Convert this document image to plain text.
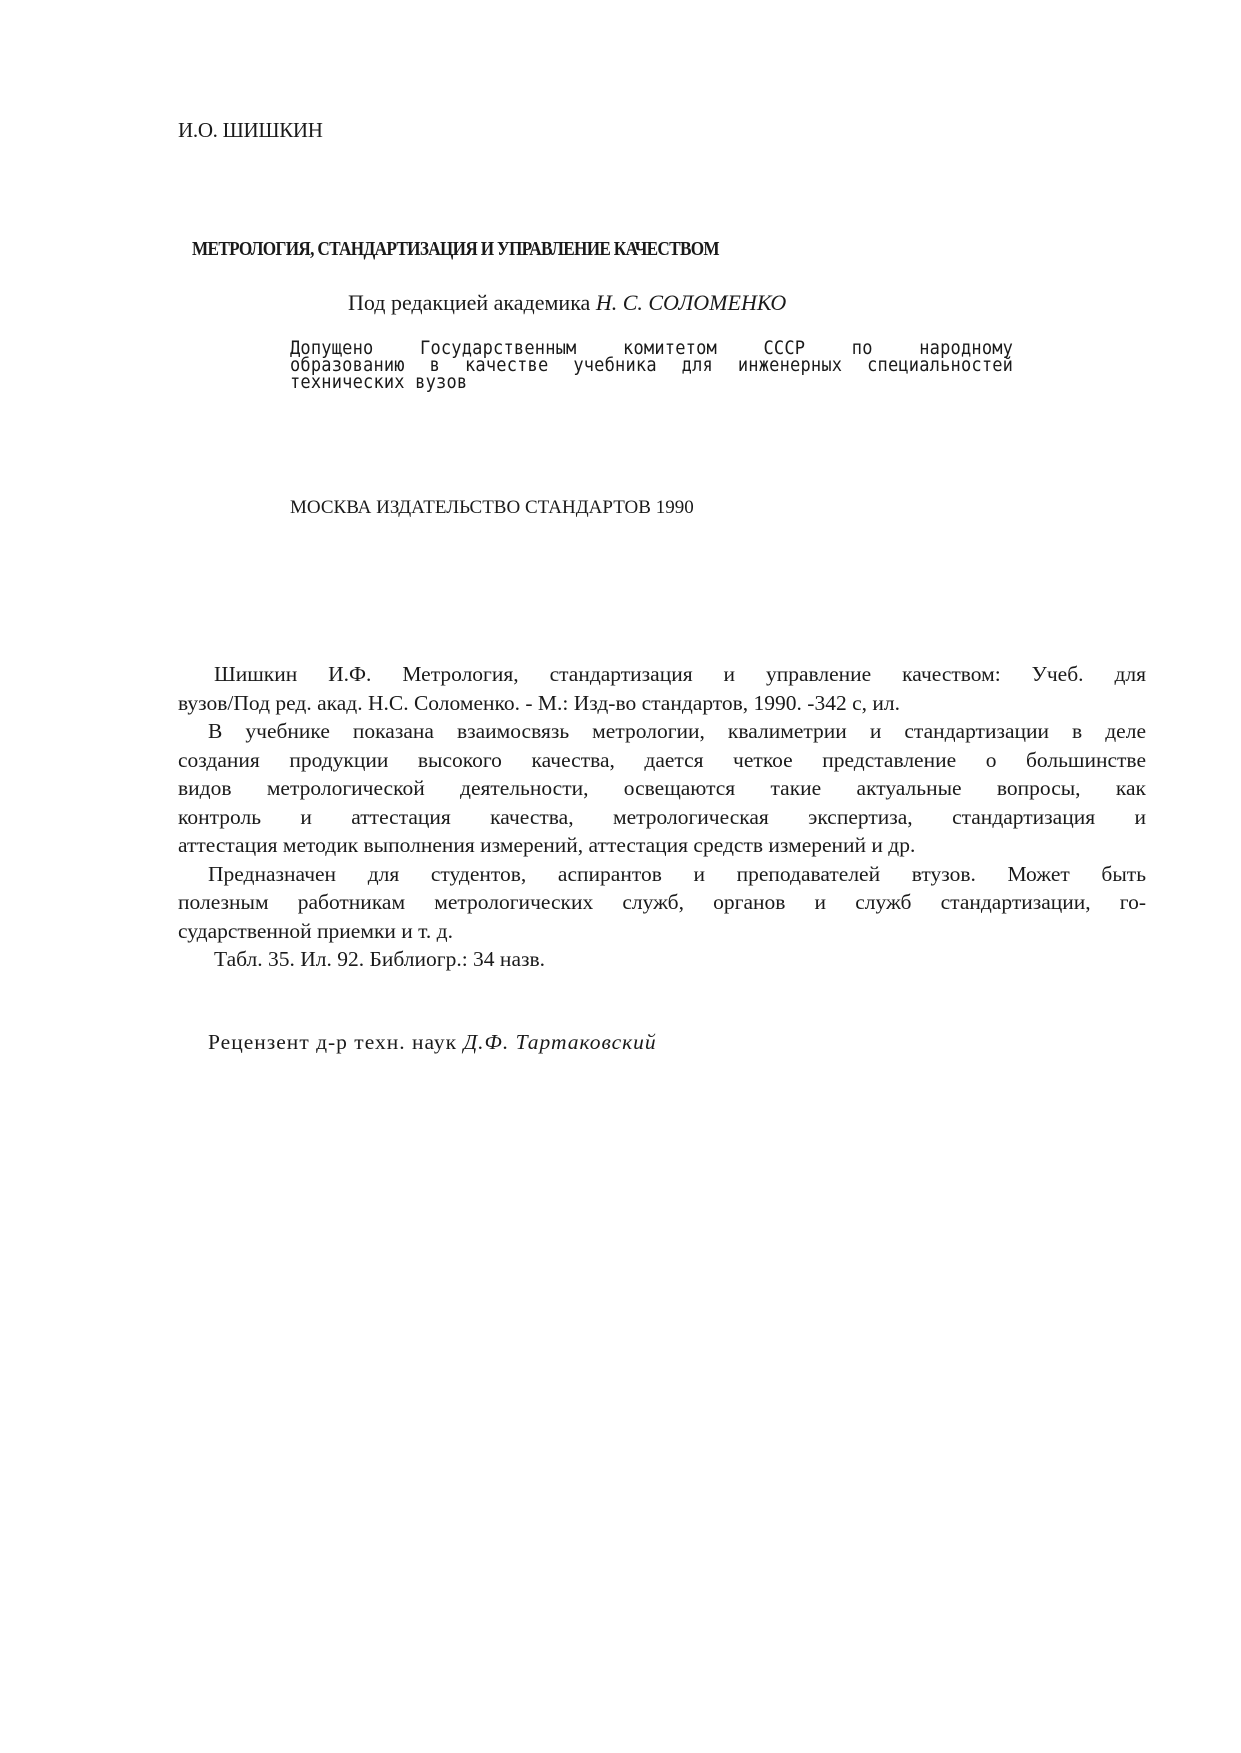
И.О. ШИШКИН
МЕТРОЛОГИЯ, СТАНДАРТИЗАЦИЯ И УПРАВЛЕНИЕ КАЧЕСТВОМ
Под редакцией академика Н. С. СОЛОМЕНКО
Допущено Государственным комитетом СССР по народному
образованию в качестве учебника для инженерных специальностей
технических вузов
МОСКВА ИЗДАТЕЛЬСТВО СТАНДАРТОВ 1990
Шишкин И.Ф. Метрология, стандартизация и управление качеством: Учеб. для
вузов/Под ред. акад. Н.С. Соломенко. - М.: Изд-во стандартов, 1990. -342 с, ил.
В учебнике показана взаимосвязь метрологии, квалиметрии и стандартизации в деле
создания продукции высокого качества, дается четкое представление о большинстве
видов метрологической деятельности, освещаются такие актуальные вопросы, как
контроль и аттестация качества, метрологическая экспертиза, стандартизация и
аттестация методик выполнения измерений, аттестация средств измерений и др.
Предназначен для студентов, аспирантов и преподавателей втузов. Может быть
полезным работникам метрологических служб, органов и служб стандартизации, го-
сударственной приемки и т. д.
Табл. 35. Ил. 92. Библиогр.: 34 назв.
Рецензент д-р техн. наук Д.Ф. Тартаковский
